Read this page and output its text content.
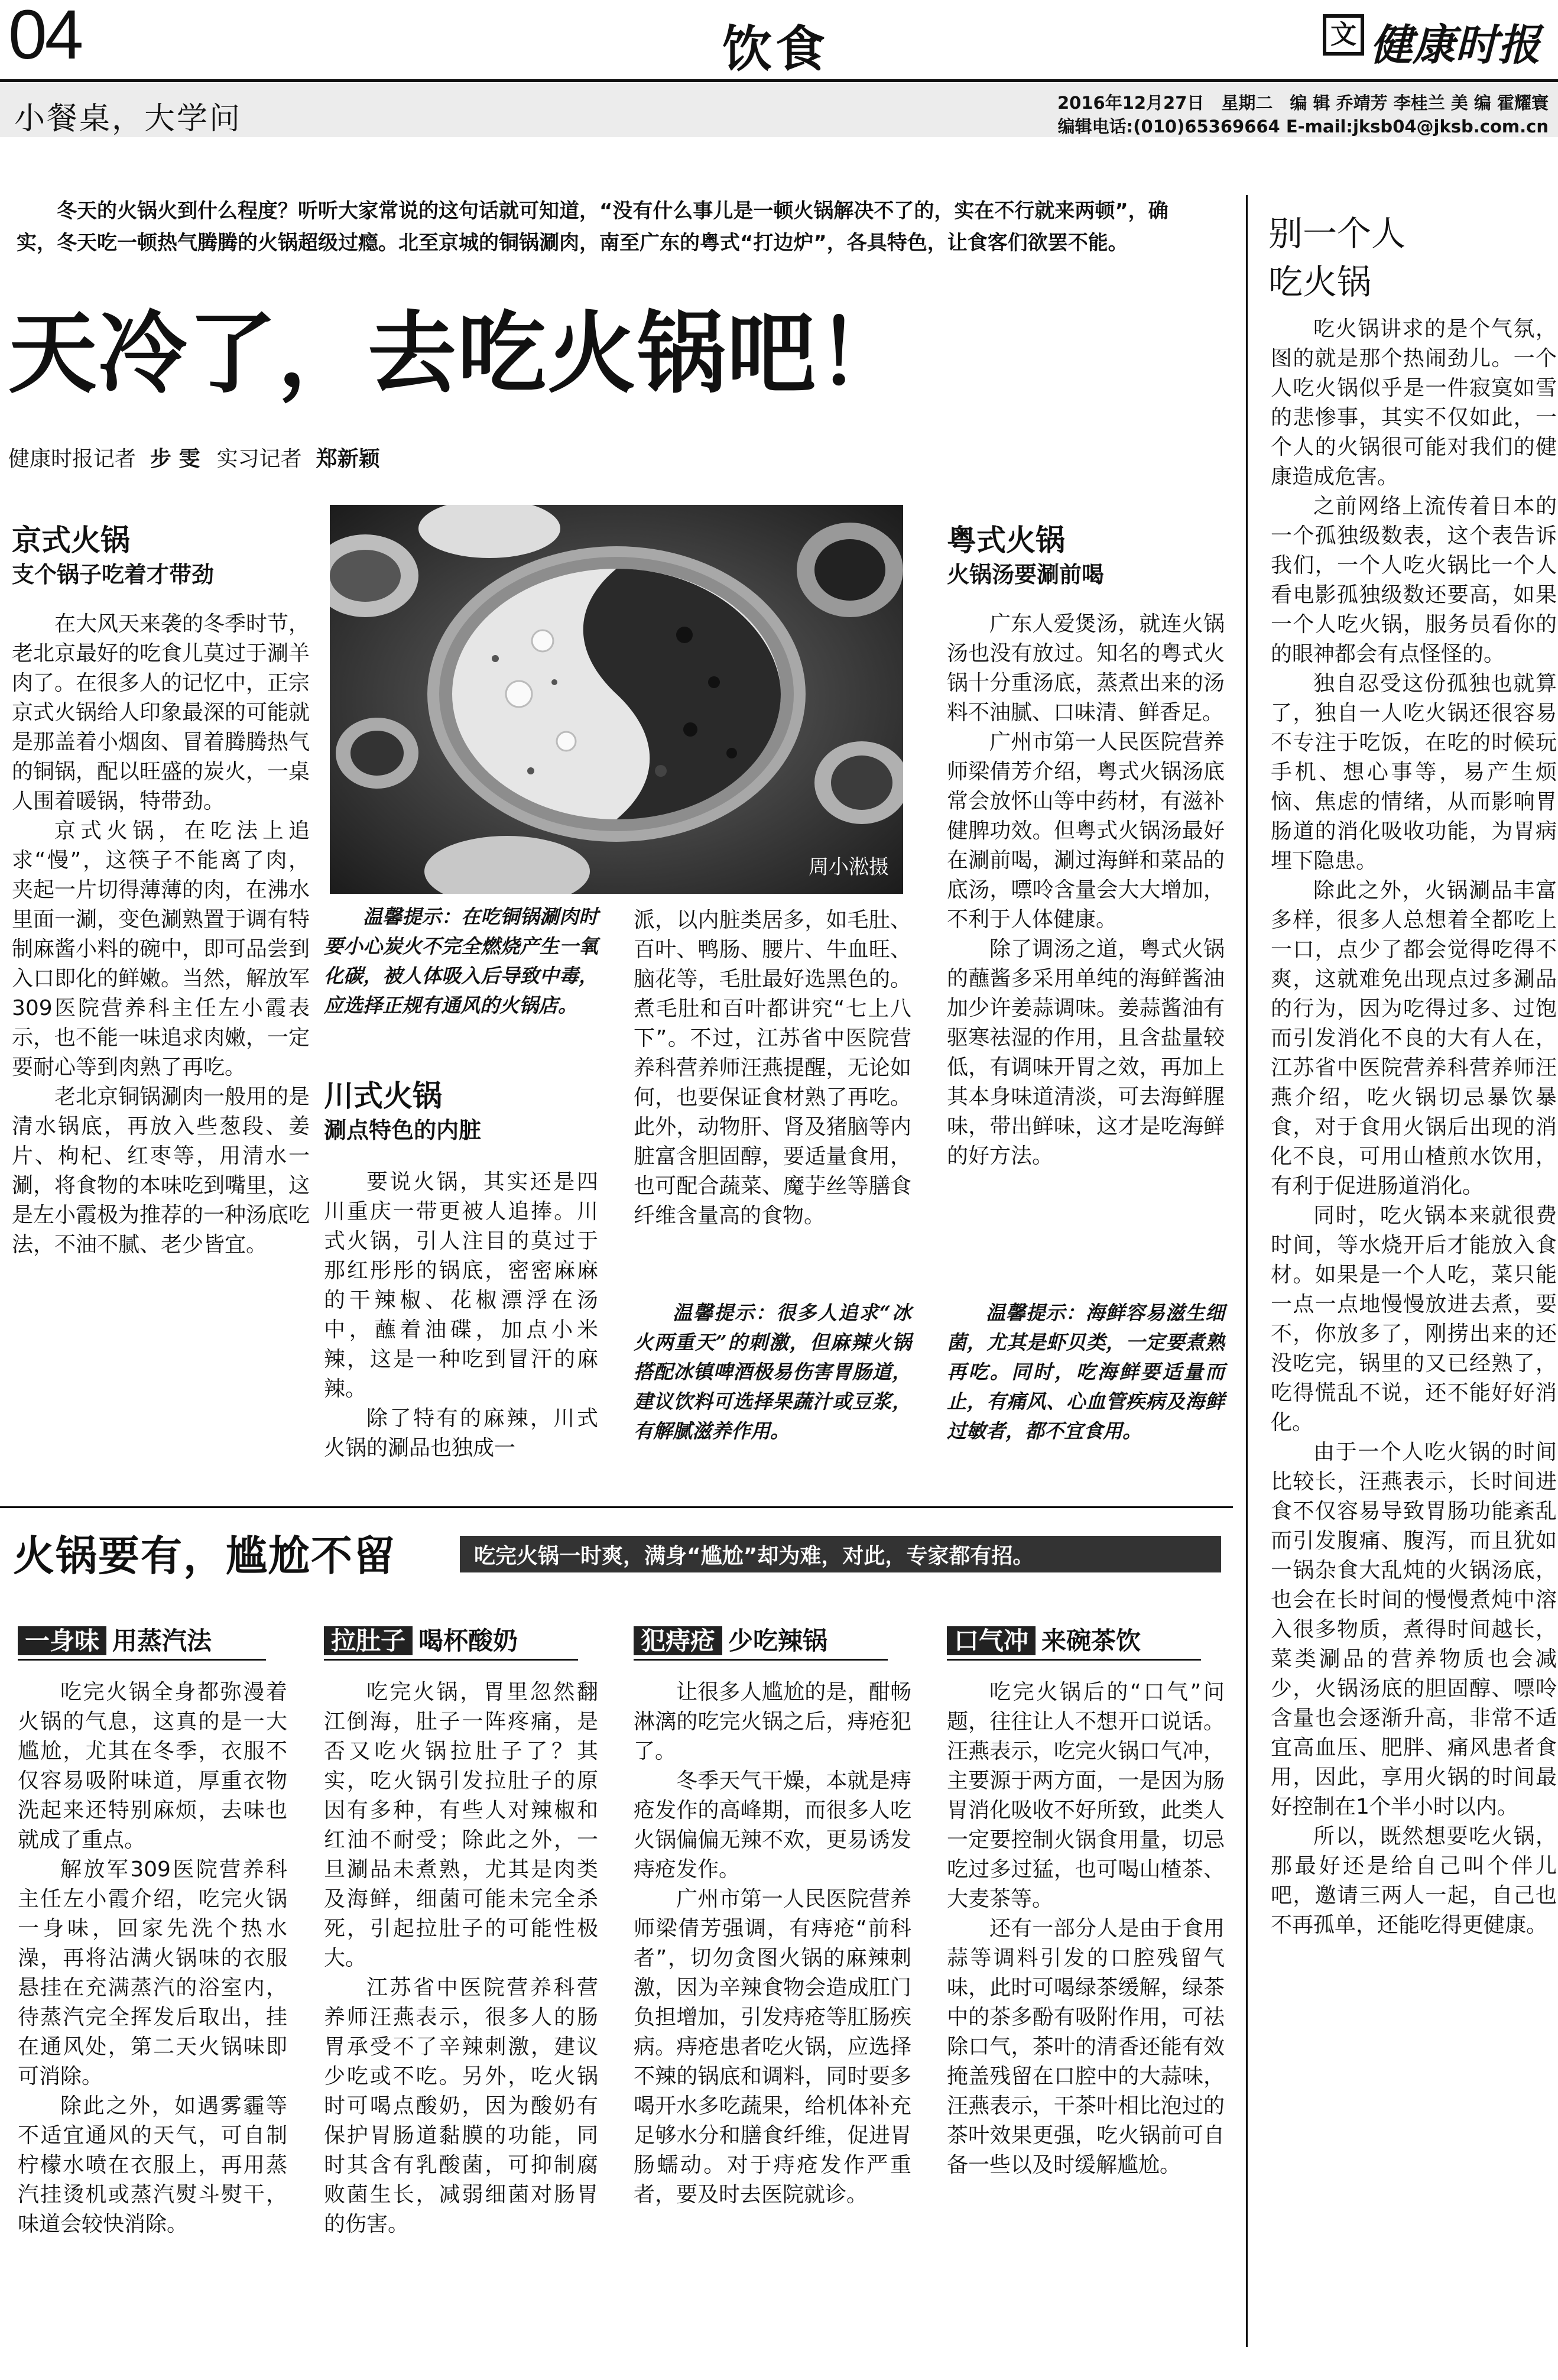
04	饮食	文 健康时报
小餐桌，大学问	2016年12月27日　星期二　编 辑 乔靖芳 李桂兰 美 编 霍耀寰
编辑电话:(010)65369664 E-mail:jksb04@jksb.com.cn

冬天的火锅火到什么程度？听听大家常说的这句话就可知道，“没有什么事儿是一顿火锅解决不了的，实在不行就来两顿”，确实，冬天吃一顿热气腾腾的火锅超级过瘾。北至京城的铜锅涮肉，南至广东的粤式“打边炉”，各具特色，让食客们欲罢不能。

天冷了，去吃火锅吧！
健康时报记者 步 雯 实习记者 郑新颖
京式火锅
支个锅子吃着才带劲

在大风天来袭的冬季时节，老北京最好的吃食儿莫过于涮羊肉了。在很多人的记忆中，正宗京式火锅给人印象最深的可能就是那盖着小烟囱、冒着腾腾热气的铜锅，配以旺盛的炭火，一桌人围着暖锅，特带劲。

京式火锅，在吃法上追求“慢”，这筷子不能离了肉，夹起一片切得薄薄的肉，在沸水里面一涮，变色涮熟置于调有特制麻酱小料的碗中，即可品尝到入口即化的鲜嫩。当然，解放军309医院营养科主任左小霞表示，也不能一味追求肉嫩，一定要耐心等到肉熟了再吃。

老北京铜锅涮肉一般用的是清水锅底，再放入些葱段、姜片、枸杞、红枣等，用清水一涮，将食物的本味吃到嘴里，这是左小霞极为推荐的一种汤底吃法，不油不腻、老少皆宜。

周小淞摄

温馨提示：在吃铜锅涮肉时要小心炭火不完全燃烧产生一氧化碳，被人体吸入后导致中毒，应选择正规有通风的火锅店。

川式火锅
涮点特色的内脏

要说火锅，其实还是四川重庆一带更被人追捧。川式火锅，引人注目的莫过于那红彤彤的锅底，密密麻麻的干辣椒、花椒漂浮在汤中，蘸着油碟，加点小米辣，这是一种吃到冒汗的麻辣。

除了特有的麻辣，川式火锅的涮品也独成一

派，以内脏类居多，如毛肚、百叶、鸭肠、腰片、牛血旺、脑花等，毛肚最好选黑色的。煮毛肚和百叶都讲究“七上八下”。不过，江苏省中医院营养科营养师汪燕提醒，无论如何，也要保证食材熟了再吃。此外，动物肝、肾及猪脑等内脏富含胆固醇，要适量食用，也可配合蔬菜、魔芋丝等膳食纤维含量高的食物。

温馨提示：很多人追求“冰火两重天”的刺激，但麻辣火锅搭配冰镇啤酒极易伤害胃肠道，建议饮料可选择果蔬汁或豆浆，有解腻滋养作用。

粤式火锅
火锅汤要涮前喝

广东人爱煲汤，就连火锅汤也没有放过。知名的粤式火锅十分重汤底，蒸煮出来的汤料不油腻、口味清、鲜香足。

广州市第一人民医院营养师梁倩芳介绍，粤式火锅汤底常会放怀山等中药材，有滋补健脾功效。但粤式火锅汤最好在涮前喝，涮过海鲜和菜品的底汤，嘌呤含量会大大增加，不利于人体健康。

除了调汤之道，粤式火锅的蘸酱多采用单纯的海鲜酱油加少许姜蒜调味。姜蒜酱油有驱寒祛湿的作用，且含盐量较低，有调味开胃之效，再加上其本身味道清淡，可去海鲜腥味，带出鲜味，这才是吃海鲜的好方法。

温馨提示：海鲜容易滋生细菌，尤其是虾贝类，一定要煮熟再吃。同时，吃海鲜要适量而止，有痛风、心血管疾病及海鲜过敏者，都不宜食用。

别一个人
吃火锅

吃火锅讲求的是个气氛，图的就是那个热闹劲儿。一个人吃火锅似乎是一件寂寞如雪的悲惨事，其实不仅如此，一个人的火锅很可能对我们的健康造成危害。

之前网络上流传着日本的一个孤独级数表，这个表告诉我们，一个人吃火锅比一个人看电影孤独级数还要高，如果一个人吃火锅，服务员看你的的眼神都会有点怪怪的。

独自忍受这份孤独也就算了，独自一人吃火锅还很容易不专注于吃饭，在吃的时候玩手机、想心事等，易产生烦恼、焦虑的情绪，从而影响胃肠道的消化吸收功能，为胃病埋下隐患。

除此之外，火锅涮品丰富多样，很多人总想着全都吃上一口，点少了都会觉得吃得不爽，这就难免出现点过多涮品的行为，因为吃得过多、过饱而引发消化不良的大有人在，江苏省中医院营养科营养师汪燕介绍，吃火锅切忌暴饮暴食，对于食用火锅后出现的消化不良，可用山楂煎水饮用，有利于促进肠道消化。

同时，吃火锅本来就很费时间，等水烧开后才能放入食材。如果是一个人吃，菜只能一点一点地慢慢放进去煮，要不，你放多了，刚捞出来的还没吃完，锅里的又已经熟了，吃得慌乱不说，还不能好好消化。

由于一个人吃火锅的时间比较长，汪燕表示，长时间进食不仅容易导致胃肠功能紊乱而引发腹痛、腹泻，而且犹如一锅杂食大乱炖的火锅汤底，也会在长时间的慢慢煮炖中溶入很多物质，煮得时间越长，菜类涮品的营养物质也会减少，火锅汤底的胆固醇、嘌呤含量也会逐渐升高，非常不适宜高血压、肥胖、痛风患者食用，因此，享用火锅的时间最好控制在1个半小时以内。

所以，既然想要吃火锅，那最好还是给自己叫个伴儿吧，邀请三两人一起，自己也不再孤单，还能吃得更健康。

火锅要有，尴尬不留	吃完火锅一时爽，满身“尴尬”却为难，对此，专家都有招。
一身味 用蒸汽法

吃完火锅全身都弥漫着火锅的气息，这真的是一大尴尬，尤其在冬季，衣服不仅容易吸附味道，厚重衣物洗起来还特别麻烦，去味也就成了重点。

解放军309医院营养科主任左小霞介绍，吃完火锅一身味，回家先洗个热水澡，再将沾满火锅味的衣服悬挂在充满蒸汽的浴室内，待蒸汽完全挥发后取出，挂在通风处，第二天火锅味即可消除。

除此之外，如遇雾霾等不适宜通风的天气，可自制柠檬水喷在衣服上，再用蒸汽挂烫机或蒸汽熨斗熨干，味道会较快消除。

拉肚子 喝杯酸奶

吃完火锅，胃里忽然翻江倒海，肚子一阵疼痛，是否又吃火锅拉肚子了？其实，吃火锅引发拉肚子的原因有多种，有些人对辣椒和红油不耐受；除此之外，一旦涮品未煮熟，尤其是肉类及海鲜，细菌可能未完全杀死，引起拉肚子的可能性极大。

江苏省中医院营养科营养师汪燕表示，很多人的肠胃承受不了辛辣刺激，建议少吃或不吃。另外，吃火锅时可喝点酸奶，因为酸奶有保护胃肠道黏膜的功能，同时其含有乳酸菌，可抑制腐败菌生长，减弱细菌对肠胃的伤害。

犯痔疮 少吃辣锅

让很多人尴尬的是，酣畅淋漓的吃完火锅之后，痔疮犯了。

冬季天气干燥，本就是痔疮发作的高峰期，而很多人吃火锅偏偏无辣不欢，更易诱发痔疮发作。

广州市第一人民医院营养师梁倩芳强调，有痔疮“前科者”，切勿贪图火锅的麻辣刺激，因为辛辣食物会造成肛门负担增加，引发痔疮等肛肠疾病。痔疮患者吃火锅，应选择不辣的锅底和调料，同时要多喝开水多吃蔬果，给机体补充足够水分和膳食纤维，促进胃肠蠕动。对于痔疮发作严重者，要及时去医院就诊。

口气冲 来碗茶饮

吃完火锅后的“口气”问题，往往让人不想开口说话。汪燕表示，吃完火锅口气冲，主要源于两方面，一是因为肠胃消化吸收不好所致，此类人一定要控制火锅食用量，切忌吃过多过猛，也可喝山楂茶、大麦茶等。

还有一部分人是由于食用蒜等调料引发的口腔残留气味，此时可喝绿茶缓解，绿茶中的茶多酚有吸附作用，可祛除口气，茶叶的清香还能有效掩盖残留在口腔中的大蒜味，汪燕表示，干茶叶相比泡过的茶叶效果更强，吃火锅前可自备一些以及时缓解尴尬。
